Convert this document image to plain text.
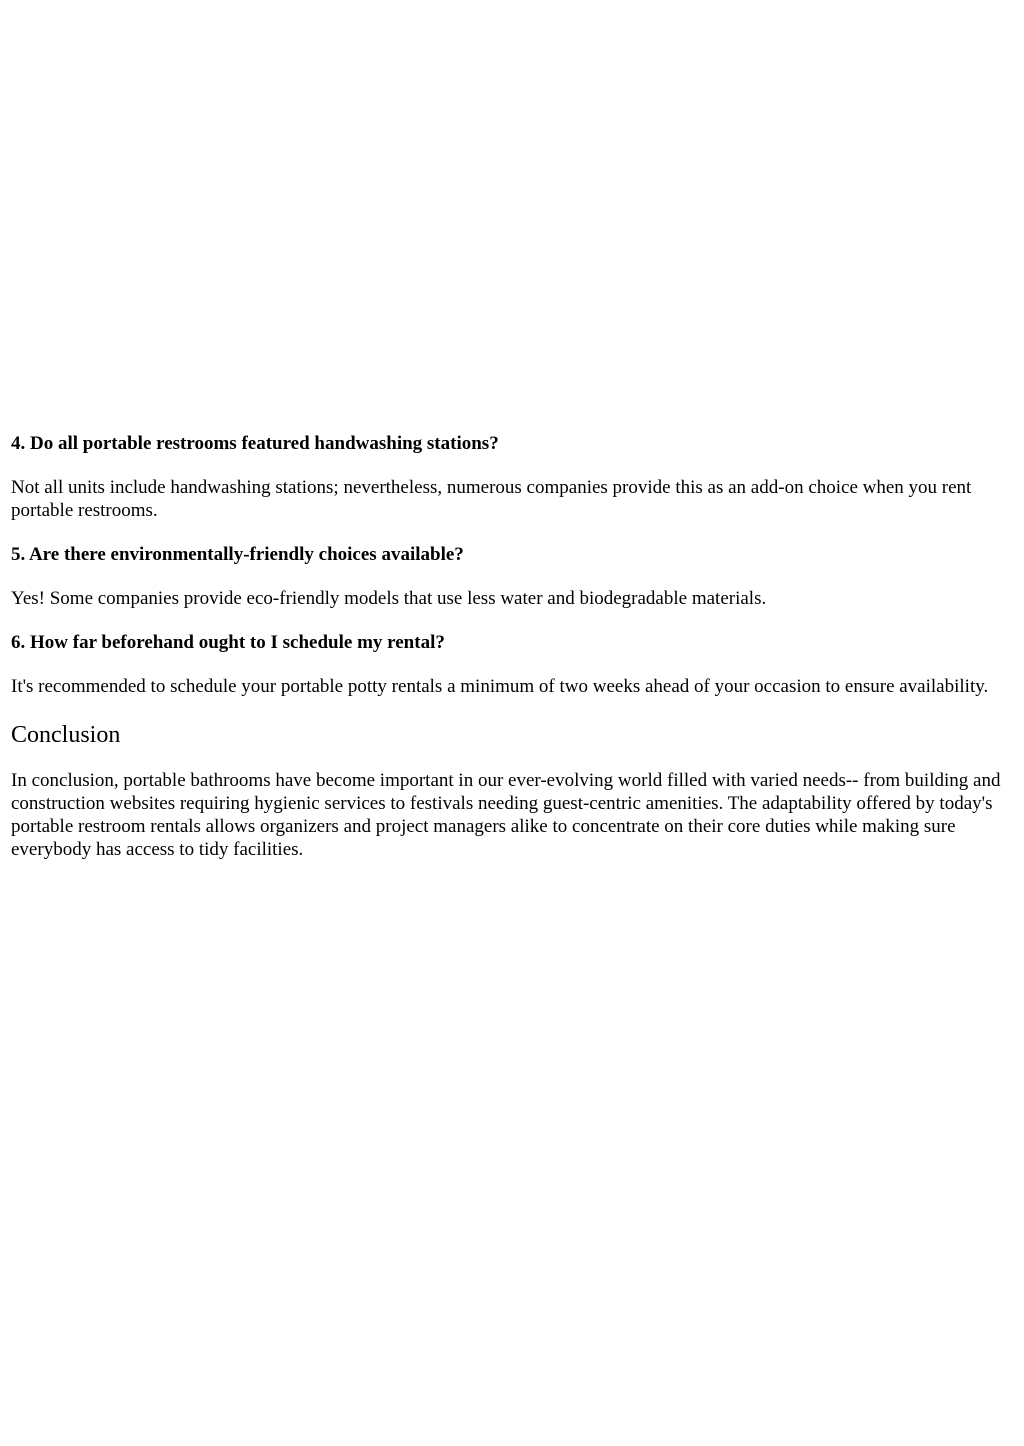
4. Do all portable restrooms featured handwashing stations?
Not all units include handwashing stations; nevertheless, numerous companies provide this as an add-on choice when you rent portable restrooms.
5. Are there environmentally-friendly choices available?
Yes! Some companies provide eco-friendly models that use less water and biodegradable materials.
6. How far beforehand ought to I schedule my rental?
It's recommended to schedule your portable potty rentals a minimum of two weeks ahead of your occasion to ensure availability.
Conclusion
In conclusion, portable bathrooms have become important in our ever-evolving world filled with varied needs-- from building and construction websites requiring hygienic services to festivals needing guest-centric amenities. The adaptability offered by today's portable restroom rentals allows organizers and project managers alike to concentrate on their core duties while making sure everybody has access to tidy facilities.
